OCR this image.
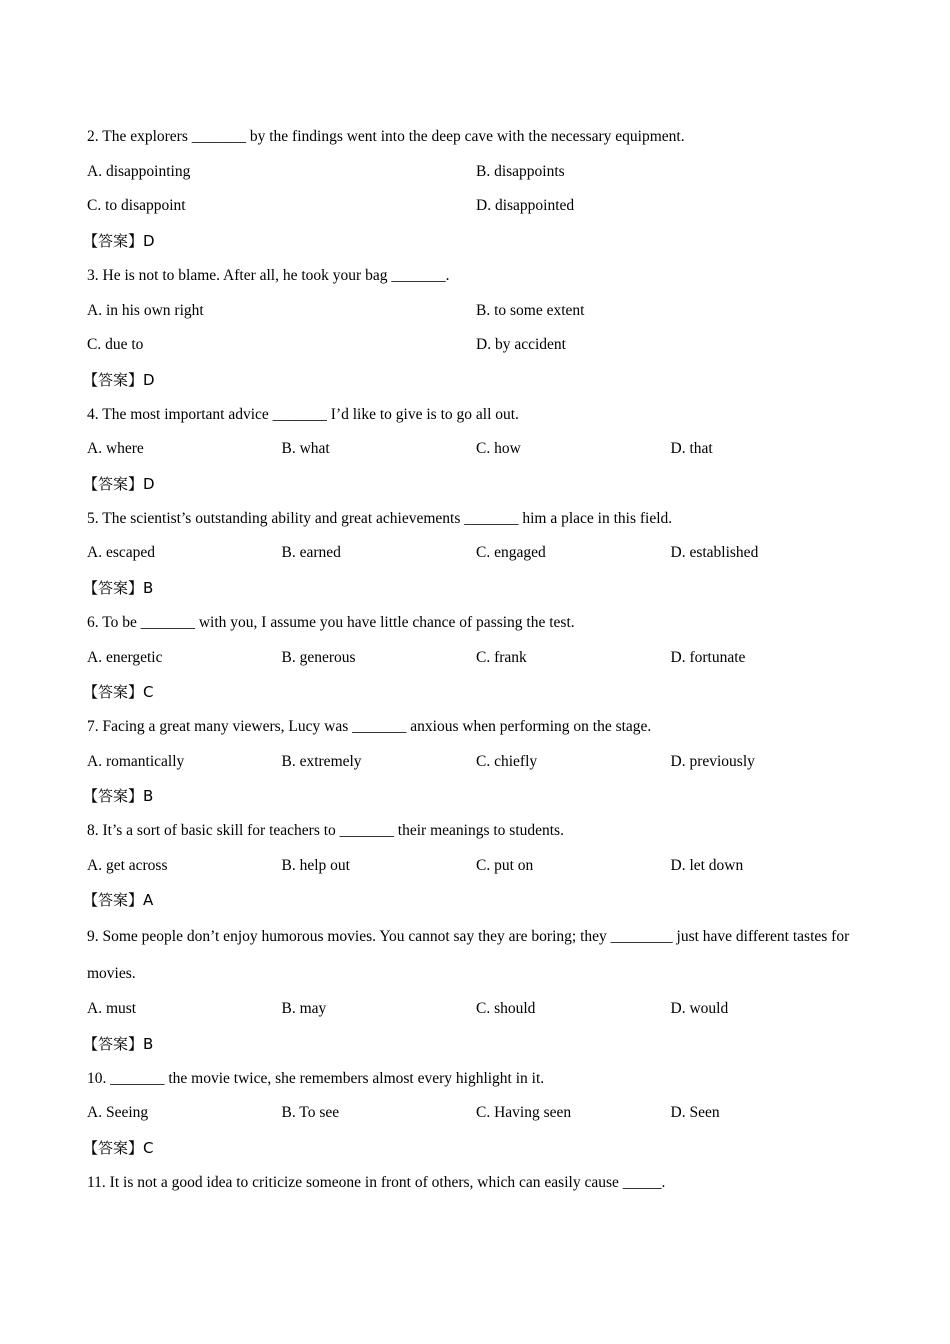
2. The explorers _______ by the findings went into the deep cave with the necessary equipment.
A. disappointing	B. disappoints
C. to disappoint	D. disappointed
【答案】D
3. He is not to blame. After all, he took your bag _______.
A. in his own right	B. to some extent
C. due to	D. by accident
【答案】D
4. The most important advice _______ I’d like to give is to go all out.
A. where	B. what	C. how	D. that
【答案】D
5. The scientist’s outstanding ability and great achievements _______ him a place in this field.
A. escaped	B. earned	C. engaged	D. established
【答案】B
6. To be _______ with you, I assume you have little chance of passing the test.
A. energetic	B. generous	C. frank	D. fortunate
【答案】C
7. Facing a great many viewers, Lucy was _______ anxious when performing on the stage.
A. romantically	B. extremely	C. chiefly	D. previously
【答案】B
8. It’s a sort of basic skill for teachers to _______ their meanings to students.
A. get across	B. help out	C. put on	D. let down
【答案】A
9. Some people don’t enjoy humorous movies. You cannot say they are boring; they ________ just have different tastes for movies.
A. must	B. may	C. should	D. would
【答案】B
10. _______ the movie twice, she remembers almost every highlight in it.
A. Seeing	B. To see	C. Having seen	D. Seen
【答案】C
11. It is not a good idea to criticize someone in front of others, which can easily cause _____.
